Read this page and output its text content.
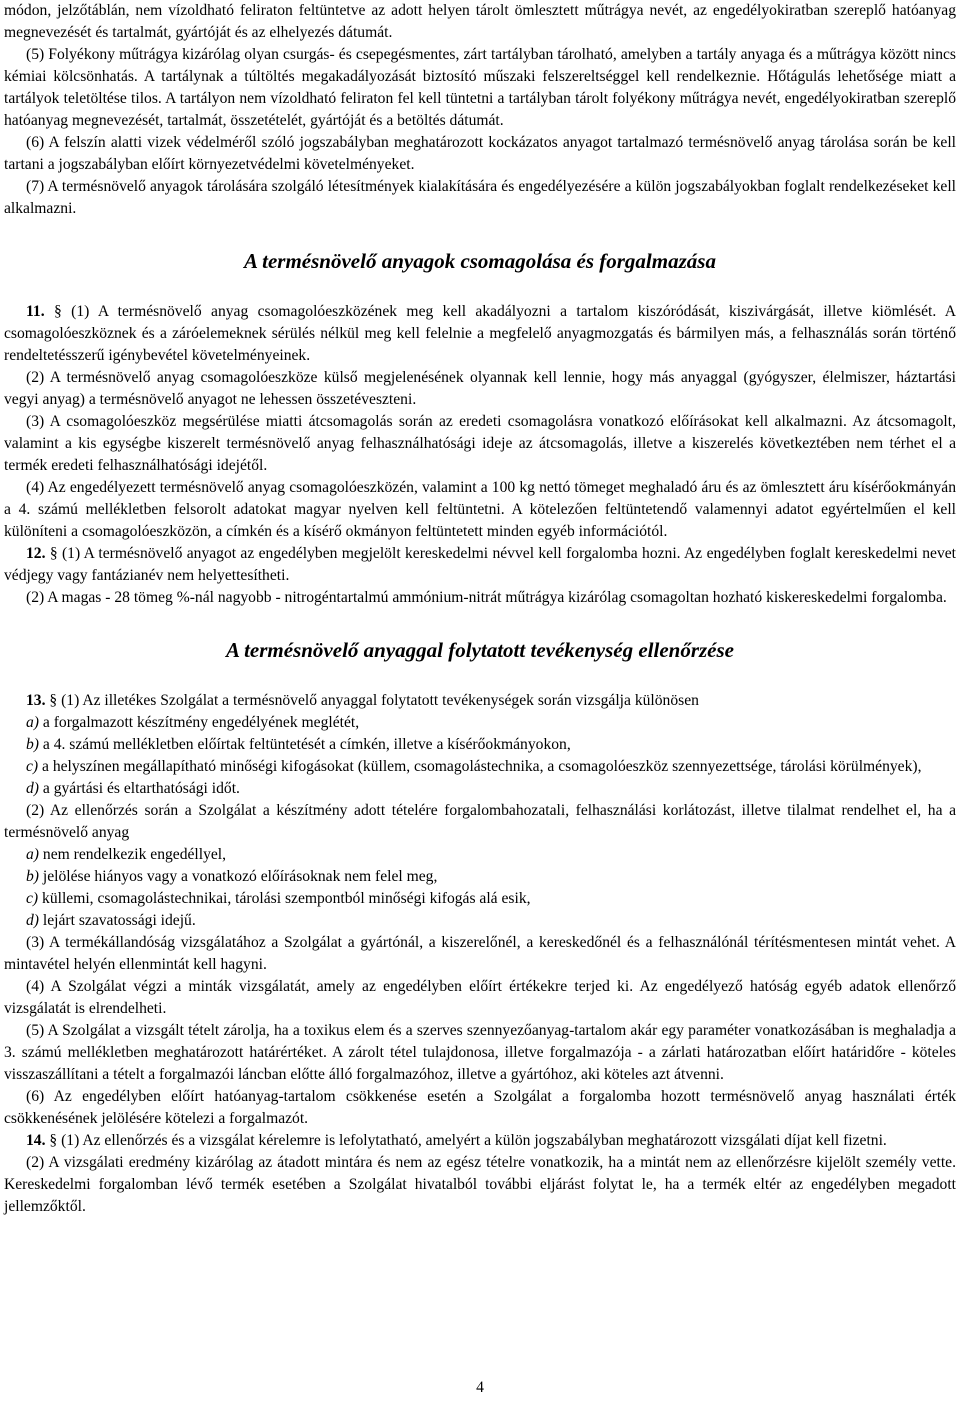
módon, jelzőtáblán, nem vízoldható feliraton feltüntetve az adott helyen tárolt ömlesztett műtrágya nevét, az engedélyokiratban szereplő hatóanyag megnevezését és tartalmát, gyártóját és az elhelyezés dátumát.

(5) Folyékony műtrágya kizárólag olyan csurgás- és csepegésmentes, zárt tartályban tárolható, amelyben a tartály anyaga és a műtrágya között nincs kémiai kölcsönhatás. A tartálynak a túltöltés megakadályozását biztosító műszaki felszereltséggel kell rendelkeznie. Hőtágulás lehetősége miatt a tartályok teletöltése tilos. A tartályon nem vízoldható feliraton fel kell tüntetni a tartályban tárolt folyékony műtrágya nevét, engedélyokiratban szereplő hatóanyag megnevezését, tartalmát, összetételét, gyártóját és a betöltés dátumát.

(6) A felszín alatti vizek védelméről szóló jogszabályban meghatározott kockázatos anyagot tartalmazó termésnövelő anyag tárolása során be kell tartani a jogszabályban előírt környezetvédelmi követelményeket.

(7) A termésnövelő anyagok tárolására szolgáló létesítmények kialakítására és engedélyezésére a külön jogszabályokban foglalt rendelkezéseket kell alkalmazni.

A termésnövelő anyagok csomagolása és forgalmazása

11. § (1) A termésnövelő anyag csomagolóeszközének meg kell akadályozni a tartalom kiszóródását, kiszivárgását, illetve kiömlését. A csomagolóeszköznek és a záróelemeknek sérülés nélkül meg kell felelnie a megfelelő anyagmozgatás és bármilyen más, a felhasználás során történő rendeltetésszerű igénybevétel követelményeinek.

(2) A termésnövelő anyag csomagolóeszköze külső megjelenésének olyannak kell lennie, hogy más anyaggal (gyógyszer, élelmiszer, háztartási vegyi anyag) a termésnövelő anyagot ne lehessen összetéveszteni.

(3) A csomagolóeszköz megsérülése miatti átcsomagolás során az eredeti csomagolásra vonatkozó előírásokat kell alkalmazni. Az átcsomagolt, valamint a kis egységbe kiszerelt termésnövelő anyag felhasználhatósági ideje az átcsomagolás, illetve a kiszerelés következtében nem térhet el a termék eredeti felhasználhatósági idejétől.

(4) Az engedélyezett termésnövelő anyag csomagolóeszközén, valamint a 100 kg nettó tömeget meghaladó áru és az ömlesztett áru kísérőokmányán a 4. számú mellékletben felsorolt adatokat magyar nyelven kell feltüntetni. A kötelezően feltüntetendő valamennyi adatot egyértelműen el kell különíteni a csomagolóeszközön, a címkén és a kísérő okmányon feltüntetett minden egyéb információtól.

12. § (1) A termésnövelő anyagot az engedélyben megjelölt kereskedelmi névvel kell forgalomba hozni. Az engedélyben foglalt kereskedelmi nevet védjegy vagy fantázianév nem helyettesítheti.

(2) A magas - 28 tömeg %-nál nagyobb - nitrogéntartalmú ammónium-nitrát műtrágya kizárólag csomagoltan hozható kiskereskedelmi forgalomba.

A termésnövelő anyaggal folytatott tevékenység ellenőrzése

13. § (1) Az illetékes Szolgálat a termésnövelő anyaggal folytatott tevékenységek során vizsgálja különösen

a) a forgalmazott készítmény engedélyének meglétét,

b) a 4. számú mellékletben előírtak feltüntetését a címkén, illetve a kísérőokmányokon,

c) a helyszínen megállapítható minőségi kifogásokat (küllem, csomagolástechnika, a csomagolóeszköz szennyezettsége, tárolási körülmények),

d) a gyártási és eltarthatósági időt.

(2) Az ellenőrzés során a Szolgálat a készítmény adott tételére forgalombahozatali, felhasználási korlátozást, illetve tilalmat rendelhet el, ha a termésnövelő anyag

a) nem rendelkezik engedéllyel,

b) jelölése hiányos vagy a vonatkozó előírásoknak nem felel meg,

c) küllemi, csomagolástechnikai, tárolási szempontból minőségi kifogás alá esik,

d) lejárt szavatossági idejű.

(3) A termékállandóság vizsgálatához a Szolgálat a gyártónál, a kiszerelőnél, a kereskedőnél és a felhasználónál térítésmentesen mintát vehet. A mintavétel helyén ellenmintát kell hagyni.

(4) A Szolgálat végzi a minták vizsgálatát, amely az engedélyben előírt értékekre terjed ki. Az engedélyező hatóság egyéb adatok ellenőrző vizsgálatát is elrendelheti.

(5) A Szolgálat a vizsgált tételt zárolja, ha a toxikus elem és a szerves szennyezőanyag-tartalom akár egy paraméter vonatkozásában is meghaladja a 3. számú mellékletben meghatározott határértéket. A zárolt tétel tulajdonosa, illetve forgalmazója - a zárlati határozatban előírt határidőre - köteles visszaszállítani a tételt a forgalmazói láncban előtte álló forgalmazóhoz, illetve a gyártóhoz, aki köteles azt átvenni.

(6) Az engedélyben előírt hatóanyag-tartalom csökkenése esetén a Szolgálat a forgalomba hozott termésnövelő anyag használati érték csökkenésének jelölésére kötelezi a forgalmazót.

14. § (1) Az ellenőrzés és a vizsgálat kérelemre is lefolytatható, amelyért a külön jogszabályban meghatározott vizsgálati díjat kell fizetni.

(2) A vizsgálati eredmény kizárólag az átadott mintára és nem az egész tételre vonatkozik, ha a mintát nem az ellenőrzésre kijelölt személy vette. Kereskedelmi forgalomban lévő termék esetében a Szolgálat hivatalból további eljárást folytat le, ha a termék eltér az engedélyben megadott jellemzőktől.

4
